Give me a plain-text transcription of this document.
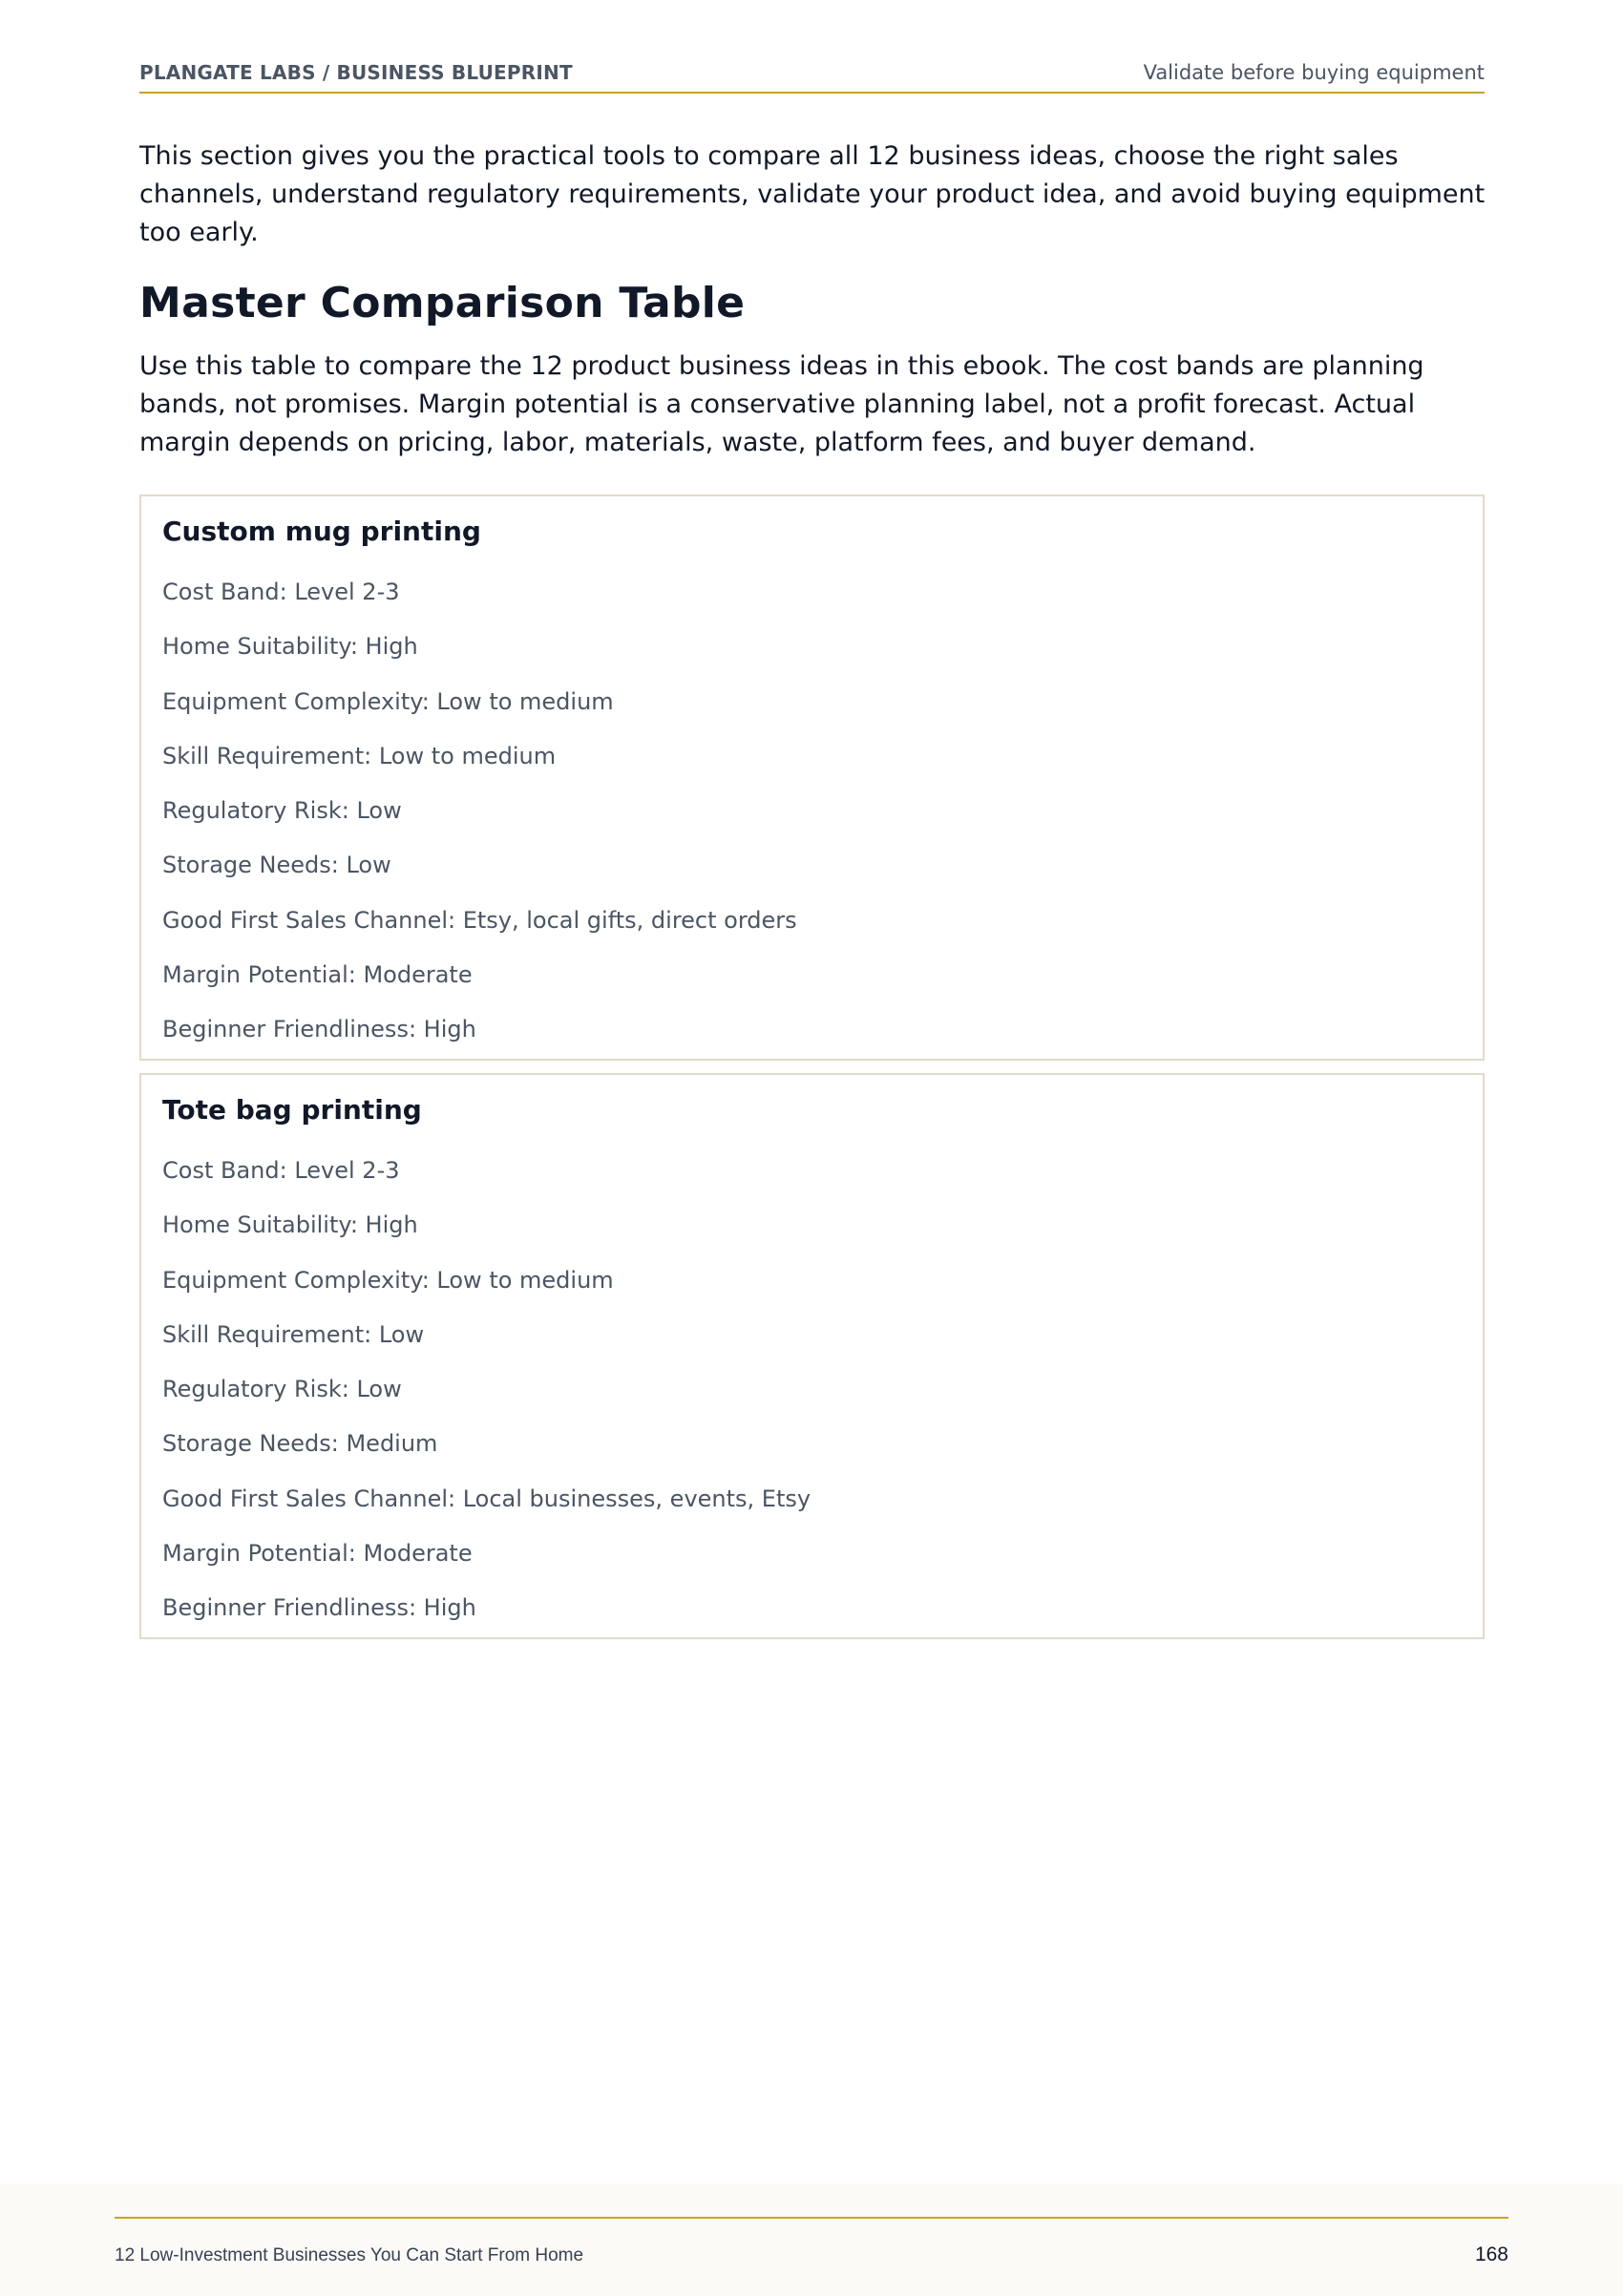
PLANGATE LABS / BUSINESS BLUEPRINT	Validate before buying equipment

This section gives you the practical tools to compare all 12 business ideas, choose the right sales channels, understand regulatory requirements, validate your product idea, and avoid buying equipment too early.

Master Comparison Table

Use this table to compare the 12 product business ideas in this ebook. The cost bands are planning bands, not promises. Margin potential is a conservative planning label, not a profit forecast. Actual margin depends on pricing, labor, materials, waste, platform fees, and buyer demand.

Custom mug printing
Cost Band: Level 2-3
Home Suitability: High
Equipment Complexity: Low to medium
Skill Requirement: Low to medium
Regulatory Risk: Low
Storage Needs: Low
Good First Sales Channel: Etsy, local gifts, direct orders
Margin Potential: Moderate
Beginner Friendliness: High
Tote bag printing
Cost Band: Level 2-3
Home Suitability: High
Equipment Complexity: Low to medium
Skill Requirement: Low
Regulatory Risk: Low
Storage Needs: Medium
Good First Sales Channel: Local businesses, events, Etsy
Margin Potential: Moderate
Beginner Friendliness: High
12 Low-Investment Businesses You Can Start From Home	168
